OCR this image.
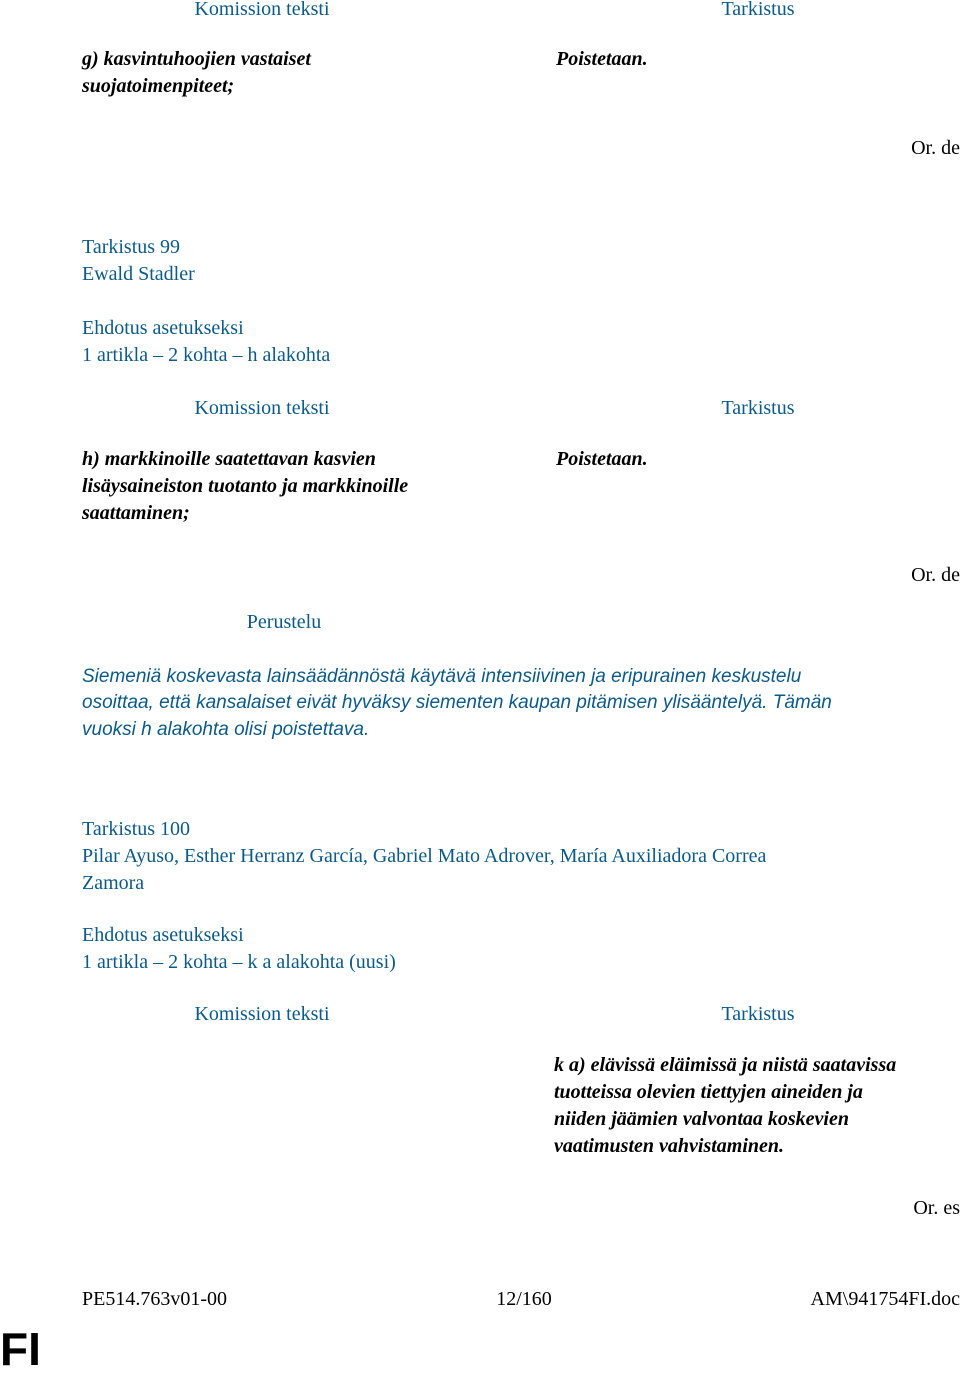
Komission teksti	Tarkistus
g) kasvintuhoojien vastaiset
suojatoimenpiteet;
Poistetaan.
Or. de
Tarkistus 99
Ewald Stadler
Ehdotus asetukseksi
1 artikla – 2 kohta – h alakohta
Komission teksti	Tarkistus
h) markkinoille saatettavan kasvien
lisäysaineiston tuotanto ja markkinoille
saattaminen;
Poistetaan.
Or. de
Perustelu
Siemeniä koskevasta lainsäädännöstä käytävä intensiivinen ja eripurainen keskustelu
osoittaa, että kansalaiset eivät hyväksy siementen kaupan pitämisen ylisääntelyä. Tämän
vuoksi h alakohta olisi poistettava.
Tarkistus 100
Pilar Ayuso, Esther Herranz García, Gabriel Mato Adrover, María Auxiliadora Correa
Zamora
Ehdotus asetukseksi
1 artikla – 2 kohta – k a alakohta (uusi)
Komission teksti	Tarkistus
k a) elävissä eläimissä ja niistä saatavissa
tuotteissa olevien tiettyjen aineiden ja
niiden jäämien valvontaa koskevien
vaatimusten vahvistaminen.
Or. es
PE514.763v01-00	12/160	AM\941754FI.doc
FI
